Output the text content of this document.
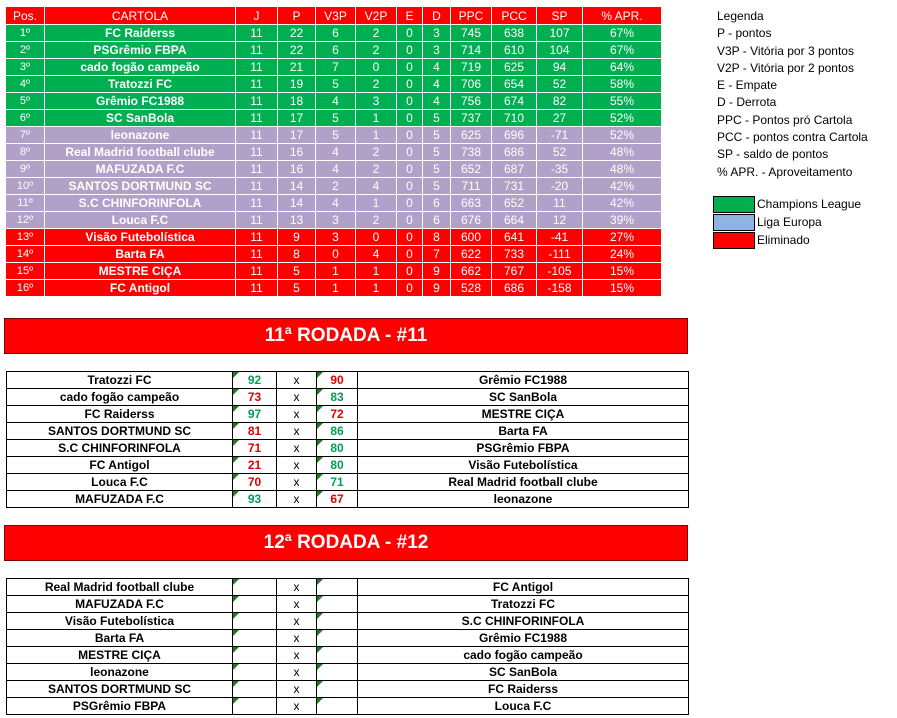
Pos.	CARTOLA	J	P	V3P	V2P	E	D	PPC	PCC	SP	% APR.
1º	FC Raiderss	11	22	6	2	0	3	745	638	107	67%
2º	PSGrêmio FBPA	11	22	6	2	0	3	714	610	104	67%
3º	cado fogão campeão	11	21	7	0	0	4	719	625	94	64%
4º	Tratozzi FC	11	19	5	2	0	4	706	654	52	58%
5º	Grêmio FC1988	11	18	4	3	0	4	756	674	82	55%
6º	SC SanBola	11	17	5	1	0	5	737	710	27	52%
7º	leonazone	11	17	5	1	0	5	625	696	-71	52%
8º	Real Madrid football clube	11	16	4	2	0	5	738	686	52	48%
9º	MAFUZADA F.C	11	16	4	2	0	5	652	687	-35	48%
10º	SANTOS DORTMUND SC	11	14	2	4	0	5	711	731	-20	42%
11º	S.C CHINFORINFOLA	11	14	4	1	0	6	663	652	11	42%
12º	Louca F.C	11	13	3	2	0	6	676	664	12	39%
13º	Visão Futebolística	11	9	3	0	0	8	600	641	-41	27%
14º	Barta FA	11	8	0	4	0	7	622	733	-111	24%
15º	MESTRE CIÇA	11	5	1	1	0	9	662	767	-105	15%
16º	FC Antigol	11	5	1	1	0	9	528	686	-158	15%
Legenda
P - pontos
V3P - Vitória por 3 pontos
V2P - Vitória por 2 pontos
E - Empate
D - Derrota
PPC - Pontos pró Cartola
PCC - pontos contra Cartola
SP - saldo de pontos
% APR. - Aproveitamento
Champions League
Liga Europa
Eliminado
11ª RODADA - #11
Tratozzi FC	92	x	90	Grêmio FC1988
cado fogão campeão	73	x	83	SC SanBola
FC Raiderss	97	x	72	MESTRE CIÇA
SANTOS DORTMUND SC	81	x	86	Barta FA
S.C CHINFORINFOLA	71	x	80	PSGrêmio FBPA
FC Antigol	21	x	80	Visão Futebolística
Louca F.C	70	x	71	Real Madrid football clube
MAFUZADA F.C	93	x	67	leonazone
12ª RODADA - #12
Real Madrid football clube		x		FC Antigol
MAFUZADA F.C		x		Tratozzi FC
Visão Futebolística		x		S.C CHINFORINFOLA
Barta FA		x		Grêmio FC1988
MESTRE CIÇA		x		cado fogão campeão
leonazone		x		SC SanBola
SANTOS DORTMUND SC		x		FC Raiderss
PSGrêmio FBPA		x		Louca F.C
